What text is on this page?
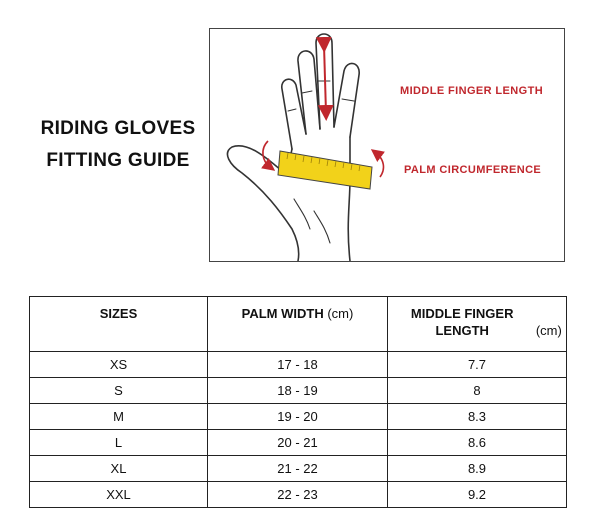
RIDING GLOVES
FITTING GUIDE
MIDDLE FINGER LENGTH
PALM CIRCUMFERENCE
SIZES	PALM WIDTH (cm)	MIDDLE FINGER LENGTH (cm)
XS	17 - 18	7.7
S	18 - 19	8
M	19 - 20	8.3
L	20 - 21	8.6
XL	21 - 22	8.9
XXL	22 - 23	9.2
